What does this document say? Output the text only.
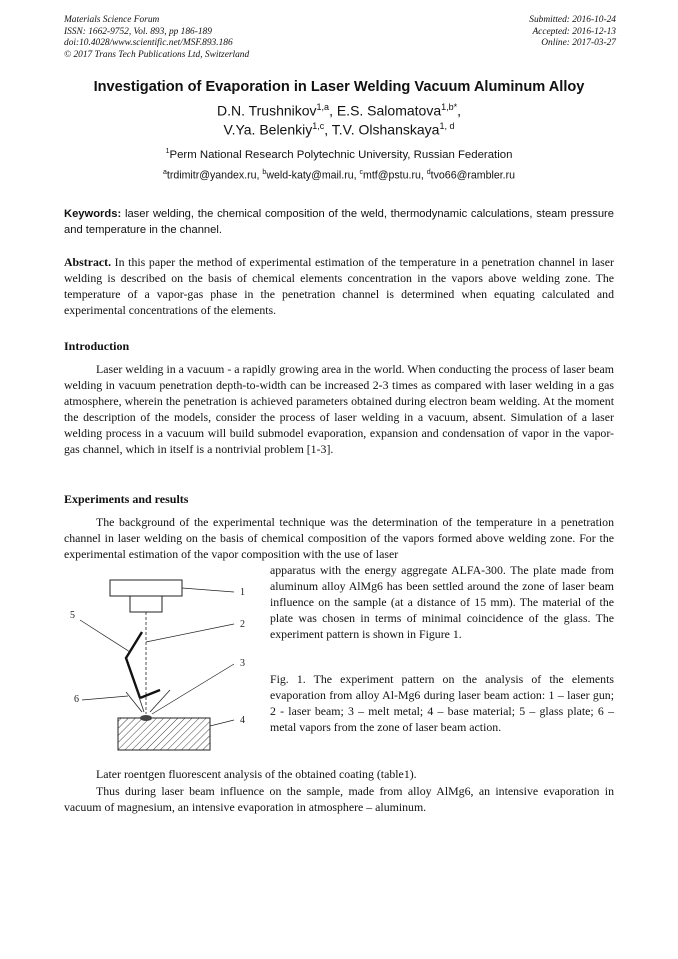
Materials Science Forum
ISSN: 1662-9752, Vol. 893, pp 186-189
doi:10.4028/www.scientific.net/MSF.893.186
© 2017 Trans Tech Publications Ltd, Switzerland
Submitted: 2016-10-24
Accepted: 2016-12-13
Online: 2017-03-27
Investigation of Evaporation in Laser Welding Vacuum Aluminum Alloy
D.N. Trushnikov$^{1,a}$, E.S. Salomatova$^{1,b*}$,
V.Ya. Belenkiy$^{1,c}$, T.V. Olshanskaya$^{1, d}$
$^1$Perm National Research Polytechnic University, Russian Federation
$^a$trdimitr@yandex.ru, $^b$weld-katy@mail.ru, $^c$mtf@pstu.ru, $^d$tvo66@rambler.ru
Keywords: laser welding, the chemical composition of the weld, thermodynamic calculations, steam pressure and temperature in the channel.
Abstract. In this paper the method of experimental estimation of the temperature in a penetration channel in laser welding is described on the basis of chemical elements concentration in the vapors above welding zone. The temperature of a vapor-gas phase in the penetration channel is determined when equating calculated and experimental concentrations of the elements.
Introduction
Laser welding in a vacuum - a rapidly growing area in the world. When conducting the process of laser beam welding in vacuum penetration depth-to-width can be increased 2-3 times as compared with laser welding in a gas atmosphere, wherein the penetration is achieved parameters obtained during electron beam welding. At the moment the description of the models, consider the process of laser welding in a vacuum, absent. Simulation of a laser welding process in a vacuum will build submodel evaporation, expansion and condensation of vapor in the vapor-gas channel, which in itself is a nontrivial problem [1-3].
Experiments and results
The background of the experimental technique was the determination of the temperature in a penetration channel in laser welding on the basis of chemical composition of the vapors formed above welding zone. For the experimental estimation of the vapor composition with the use of laser
1
2
3
4
5
6
apparatus with the energy aggregate ALFA-300. The plate made from aluminum alloy AlMg6 has been settled around the zone of laser beam influence on the sample (at a distance of 15 mm). The material of the plate was chosen in terms of minimal coincidence of the glass. The experiment pattern is shown in Figure 1.
Fig. 1. The experiment pattern on the analysis of the elements evaporation from alloy Al-Mg6 during laser beam action: 1 – laser gun; 2 - laser beam; 3 – melt metal; 4 – base material; 5 – glass plate; 6 – metal vapors from the zone of laser beam action.
Later roentgen fluorescent analysis of the obtained coating (table1).
Thus during laser beam influence on the sample, made from alloy AlMg6, an intensive evaporation in vacuum of magnesium, an intensive evaporation in atmosphere – aluminum.
